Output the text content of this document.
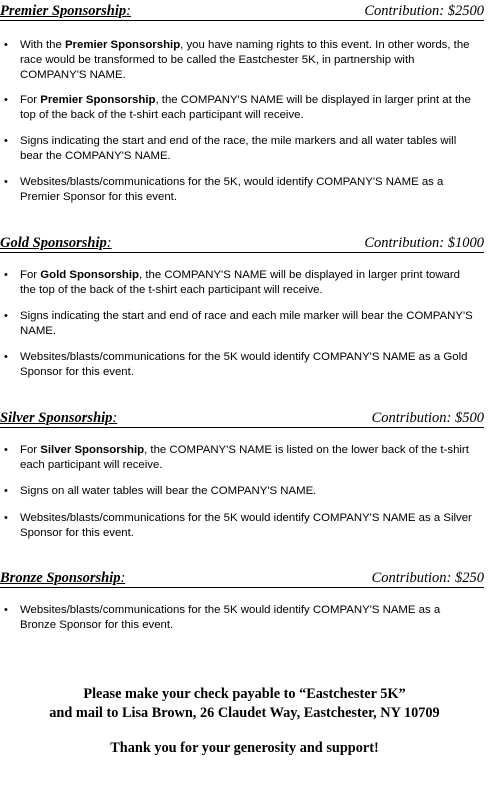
Premier Sponsorship:	Contribution: $2500
• With the Premier Sponsorship, you have naming rights to this event. In other words, the race would be transformed to be called the Eastchester 5K, in partnership with COMPANY'S NAME.
• For Premier Sponsorship, the COMPANY'S NAME will be displayed in larger print at the top of the back of the t-shirt each participant will receive.
• Signs indicating the start and end of the race, the mile markers and all water tables will bear the COMPANY'S NAME.
• Websites/blasts/communications for the 5K, would identify COMPANY'S NAME as a Premier Sponsor for this event.
Gold Sponsorship:	Contribution: $1000
• For Gold Sponsorship, the COMPANY'S NAME will be displayed in larger print toward the top of the back of the t-shirt each participant will receive.
• Signs indicating the start and end of race and each mile marker will bear the COMPANY'S NAME.
• Websites/blasts/communications for the 5K would identify COMPANY'S NAME as a Gold Sponsor for this event.
Silver Sponsorship:	Contribution: $500
• For Silver Sponsorship, the COMPANY'S NAME is listed on the lower back of the t-shirt each participant will receive.
• Signs on all water tables will bear the COMPANY'S NAME.
• Websites/blasts/communications for the 5K would identify COMPANY'S NAME as a Silver Sponsor for this event.
Bronze Sponsorship:	Contribution: $250
• Websites/blasts/communications for the 5K would identify COMPANY'S NAME as a Bronze Sponsor for this event.
Please make your check payable to “Eastchester 5K”
and mail to Lisa Brown, 26 Claudet Way, Eastchester, NY 10709
Thank you for your generosity and support!
